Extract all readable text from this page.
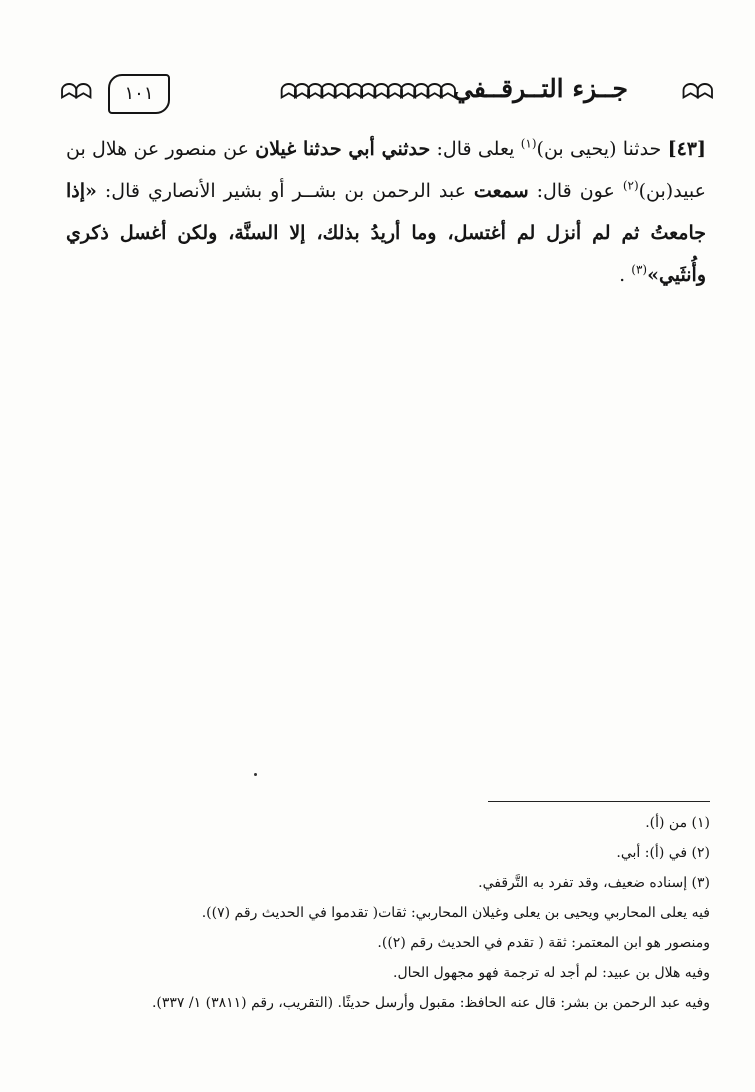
ᗣᗣ
جــزء التــرقــفي
ᗣᗣᗣᗣᗣᗣᗣᗣᗣᗣᗣᗣᗣ
١٠١
ᗣᗣ
[٤٣] حدثنا (يحيى بن)$^{(١)}$ يعلى قال: حدثني أبي حدثنا غيلان عن منصور عن هلال بن عبيد(بن)$^{(٢)}$ عون قال: سمعت عبد الرحمن بن بشــر أو بشير الأنصاري قال: «إذا جامعتُ ثم لم أنزل لم أغتسل، وما أريدُ بذلك، إلا السنَّة، ولكن أغسل ذكري وأُنثَيي»$^{(٣)}$ .
(١) من (أ).
(٢) في (أ): أبي.
(٣) إسناده ضعيف، وقد تفرد به التَّرقفي.
فيه يعلى المحاربي ويحيى بن يعلى وغيلان المحاربي: ثقات( تقدموا في الحديث رقم (٧)).
ومنصور هو ابن المعتمر: ثقة ( تقدم في الحديث رقم (٢)).
وفيه هلال بن عبيد: لم أجد له ترجمة فهو مجهول الحال.
وفيه عبد الرحمن بن بشر: قال عنه الحافظ: مقبول وأرسل حديثًا. (التقريب، رقم (٣٨١١) ١/ ٣٣٧).
